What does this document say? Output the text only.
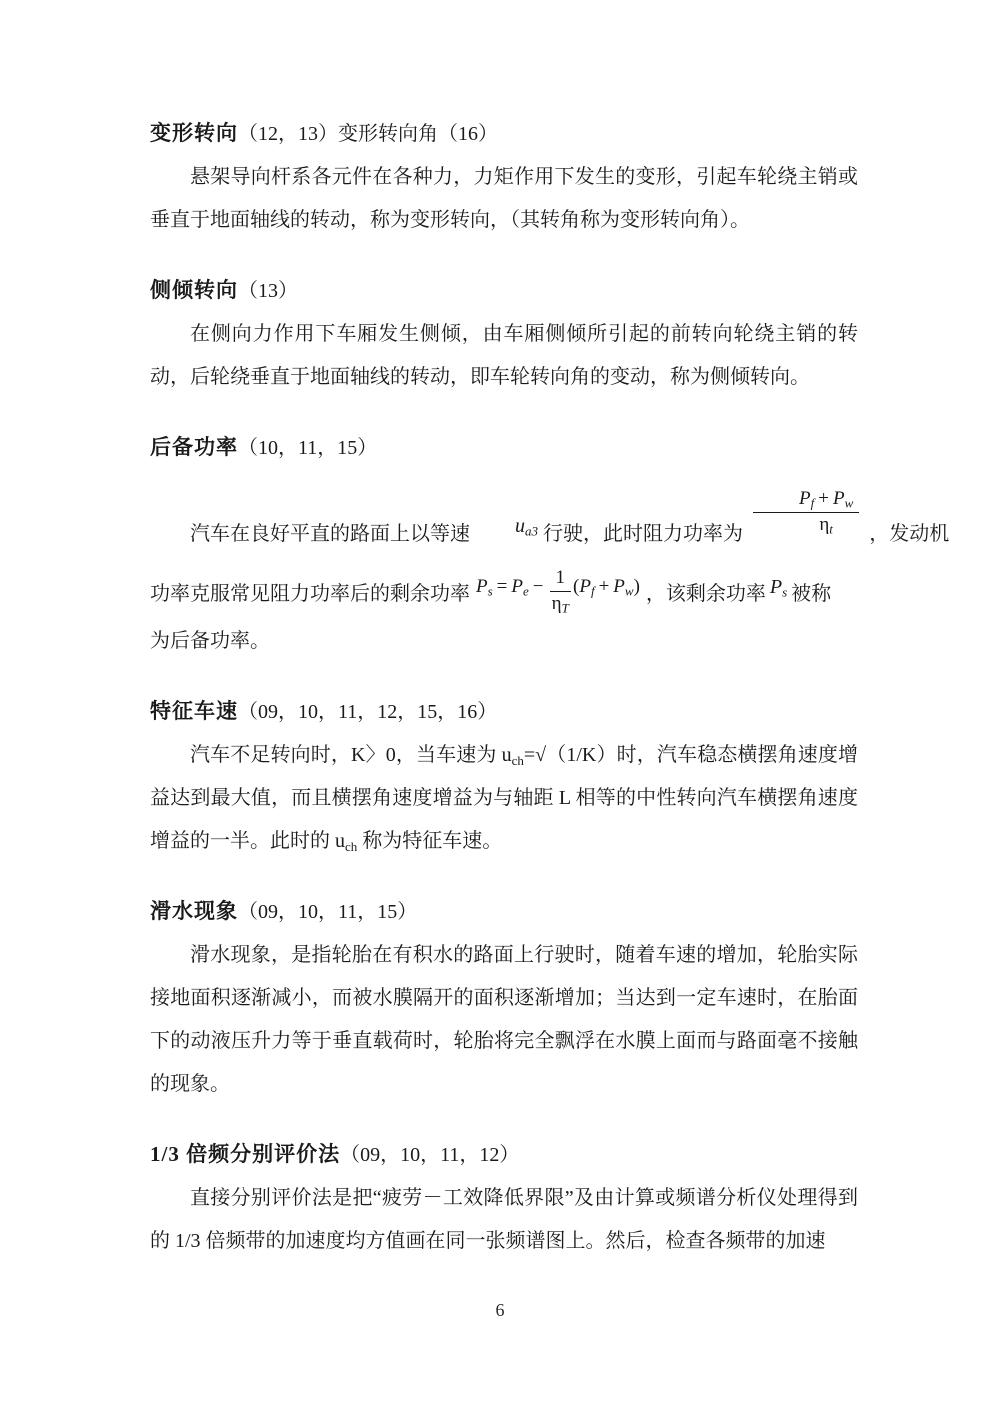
变形转向（12，13）变形转向角（16）

悬架导向杆系各元件在各种力，力矩作用下发生的变形，引起车轮绕主销或垂直于地面轴线的转动，称为变形转向，（其转角称为变形转向角）。

侧倾转向（13）

在侧向力作用下车厢发生侧倾，由车厢侧倾所引起的前转向轮绕主销的转动，后轮绕垂直于地面轴线的转动，即车轮转向角的变动，称为侧倾转向。

后备功率（10，11，15）
汽车在良好平直的路面上以等速 $u_{a3}$ 行驶，此时阻力功率为 $\frac{P_f + P_w}{\eta_t}$ ，发动机
功率克服常见阻力功率后的剩余功率 $P_s = P_e - \frac{1}{\eta_T} (P_f + P_w)$ ，该剩余功率 $P_s$ 被称

为后备功率。

特征车速（09，10，11，12，15，16）

汽车不足转向时，K〉0，当车速为 $u_{ch}=√(1/K)$时，汽车稳态横摆角速度增益达到最大值，而且横摆角速度增益为与轴距 L 相等的中性转向汽车横摆角速度增益的一半。此时的 $u_{ch}$ 称为特征车速。

滑水现象（09，10，11，15）

滑水现象，是指轮胎在有积水的路面上行驶时，随着车速的增加，轮胎实际接地面积逐渐减小，而被水膜隔开的面积逐渐增加；当达到一定车速时，在胎面下的动液压升力等于垂直载荷时，轮胎将完全飘浮在水膜上面而与路面毫不接触的现象。

1/3 倍频分别评价法（09，10，11，12）

直接分别评价法是把“疲劳－工效降低界限”及由计算或频谱分析仪处理得到的 1/3 倍频带的加速度均方值画在同一张频谱图上。然后，检查各频带的加速

6
